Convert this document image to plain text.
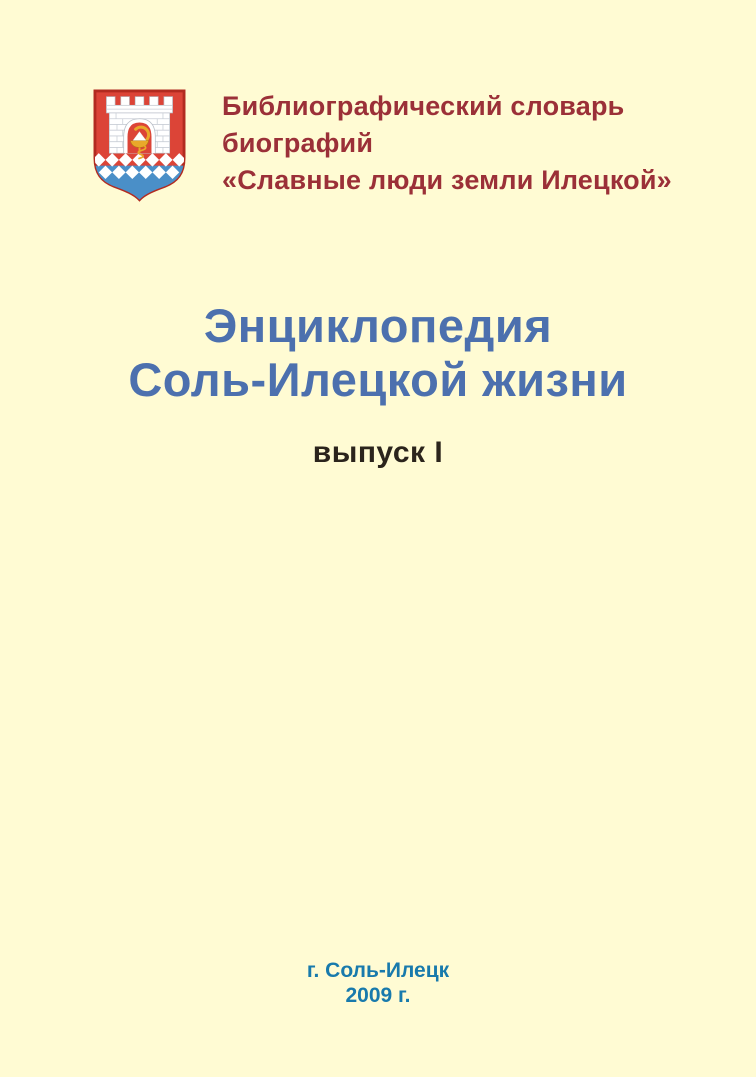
Библиографический словарь
биографий
«Славные люди земли Илецкой»
Энциклопедия
Соль-Илецкой жизни
выпуск I
г. Соль-Илецк
2009 г.
